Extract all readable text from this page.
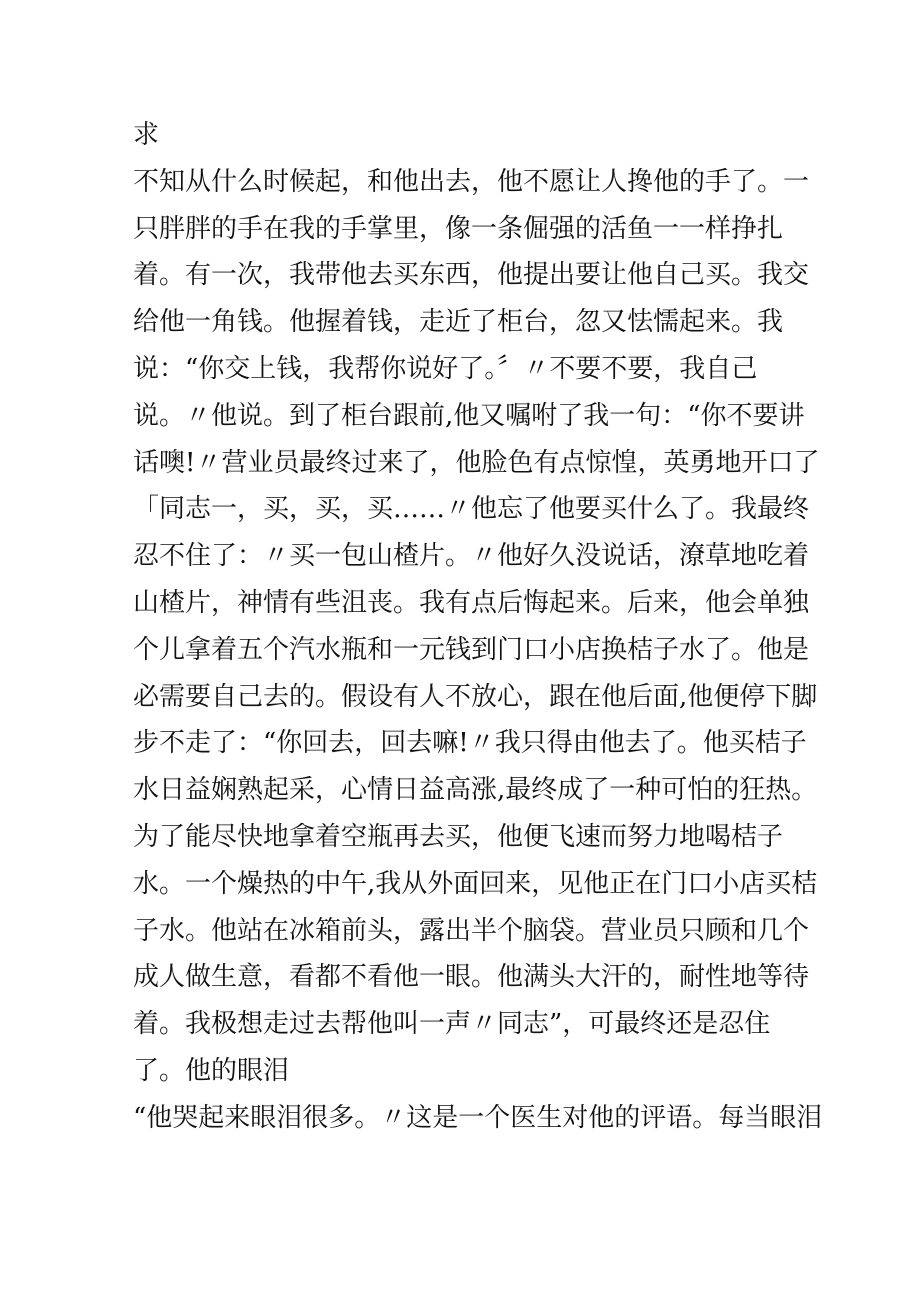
求
不知从什么时候起，和他出去，他不愿让人搀他的手了。一
只胖胖的手在我的手掌里，像一条倔强的活鱼一一样挣扎
着。有一次，我带他去买东西，他提出要让他自己买。我交
给他一角钱。他握着钱，走近了柜台，忽又怯懦起来。我
说：“你交上钱，我帮你说好了。〞〃不要不要，我自己
说。〃他说。到了柜台跟前,他又嘱咐了我一句：“你不要讲
话噢!〃营业员最终过来了，他脸色有点惊惶，英勇地开口了
「同志一，买，买，买……〃他忘了他要买什么了。我最终
忍不住了：〃买一包山楂片。〃他好久没说话，潦草地吃着
山楂片，神情有些沮丧。我有点后悔起来。后来，他会单独
个儿拿着五个汽水瓶和一元钱到门口小店换桔子水了。他是
必需要自己去的。假设有人不放心，跟在他后面,他便停下脚
步不走了：“你回去，回去嘛!〃我只得由他去了。他买桔子
水日益娴熟起采，心情日益高涨,最终成了一种可怕的狂热。
为了能尽快地拿着空瓶再去买，他便飞速而努力地喝桔子
水。一个燥热的中午,我从外面回来，见他正在门口小店买桔
子水。他站在冰箱前头，露出半个脑袋。营业员只顾和几个
成人做生意，看都不看他一眼。他满头大汗的，耐性地等待
着。我极想走过去帮他叫一声〃同志”，可最终还是忍住
了。他的眼泪
“他哭起来眼泪很多。〃这是一个医生对他的评语。每当眼泪
